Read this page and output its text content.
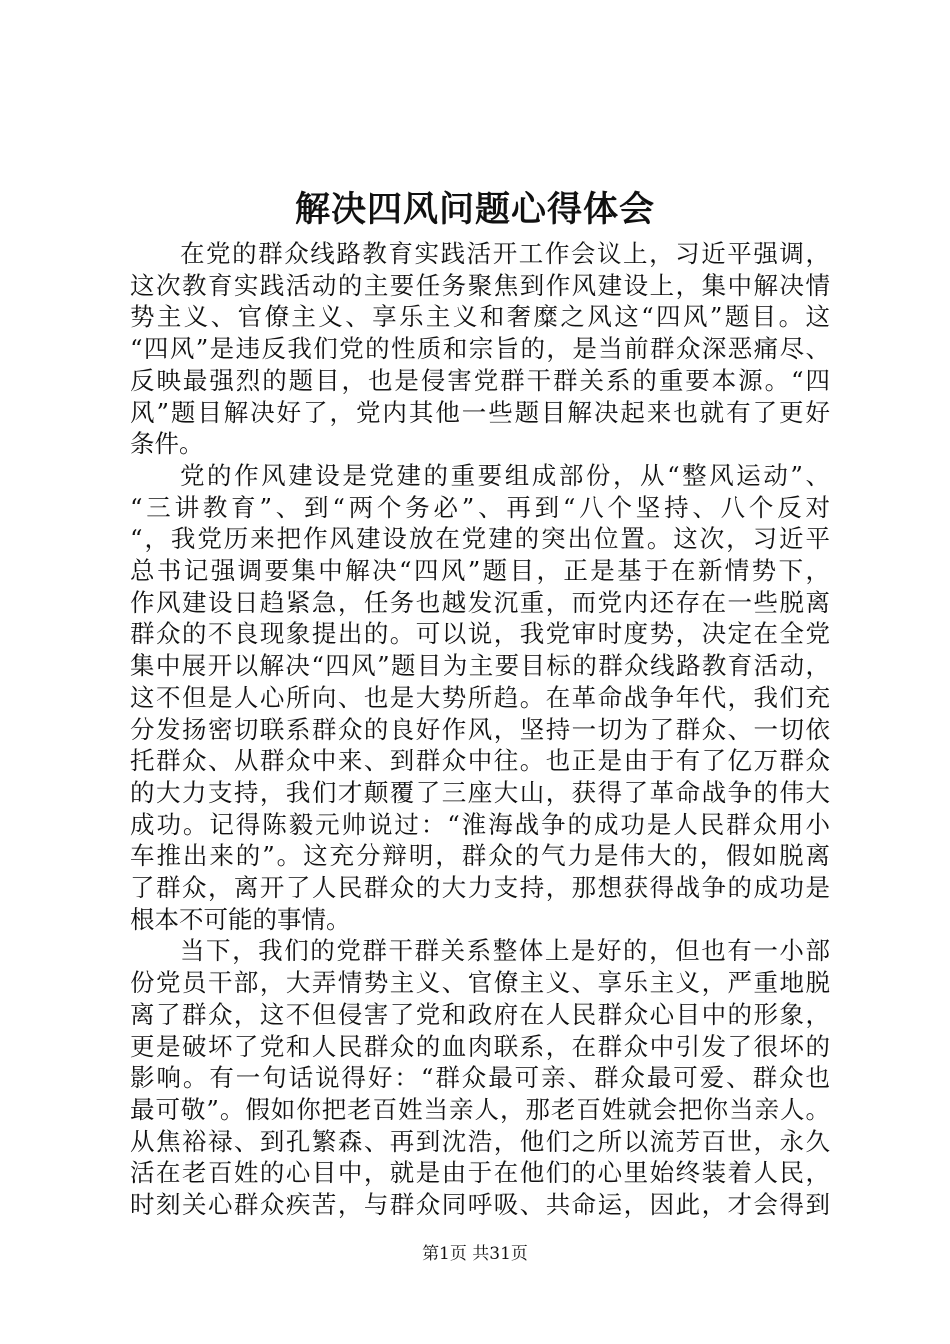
解决四风问题心得体会
在党的群众线路教育实践活开工作会议上，习近平强调，
这次教育实践活动的主要任务聚焦到作风建设上，集中解决情
势主义、官僚主义、享乐主义和奢糜之风这“四风”题目。这
“四风”是违反我们党的性质和宗旨的，是当前群众深恶痛尽、
反映最强烈的题目，也是侵害党群干群关系的重要本源。“四
风”题目解决好了，党内其他一些题目解决起来也就有了更好
条件。
党的作风建设是党建的重要组成部份，从“整风运动”、
“三讲教育”、到“两个务必”、再到“八个坚持、八个反对
“，我党历来把作风建设放在党建的突出位置。这次，习近平
总书记强调要集中解决“四风”题目，正是基于在新情势下，
作风建设日趋紧急，任务也越发沉重，而党内还存在一些脱离
群众的不良现象提出的。可以说，我党审时度势，决定在全党
集中展开以解决“四风”题目为主要目标的群众线路教育活动，
这不但是人心所向、也是大势所趋。在革命战争年代，我们充
分发扬密切联系群众的良好作风，坚持一切为了群众、一切依
托群众、从群众中来、到群众中往。也正是由于有了亿万群众
的大力支持，我们才颠覆了三座大山，获得了革命战争的伟大
成功。记得陈毅元帅说过：“淮海战争的成功是人民群众用小
车推出来的”。这充分辩明，群众的气力是伟大的，假如脱离
了群众，离开了人民群众的大力支持，那想获得战争的成功是
根本不可能的事情。
当下，我们的党群干群关系整体上是好的，但也有一小部
份党员干部，大弄情势主义、官僚主义、享乐主义，严重地脱
离了群众，这不但侵害了党和政府在人民群众心目中的形象，
更是破坏了党和人民群众的血肉联系，在群众中引发了很坏的
影响。有一句话说得好：“群众最可亲、群众最可爱、群众也
最可敬”。假如你把老百姓当亲人，那老百姓就会把你当亲人。
从焦裕禄、到孔繁森、再到沈浩，他们之所以流芳百世，永久
活在老百姓的心目中，就是由于在他们的心里始终装着人民，
时刻关心群众疾苦，与群众同呼吸、共命运，因此，才会得到
第1页 共31页
